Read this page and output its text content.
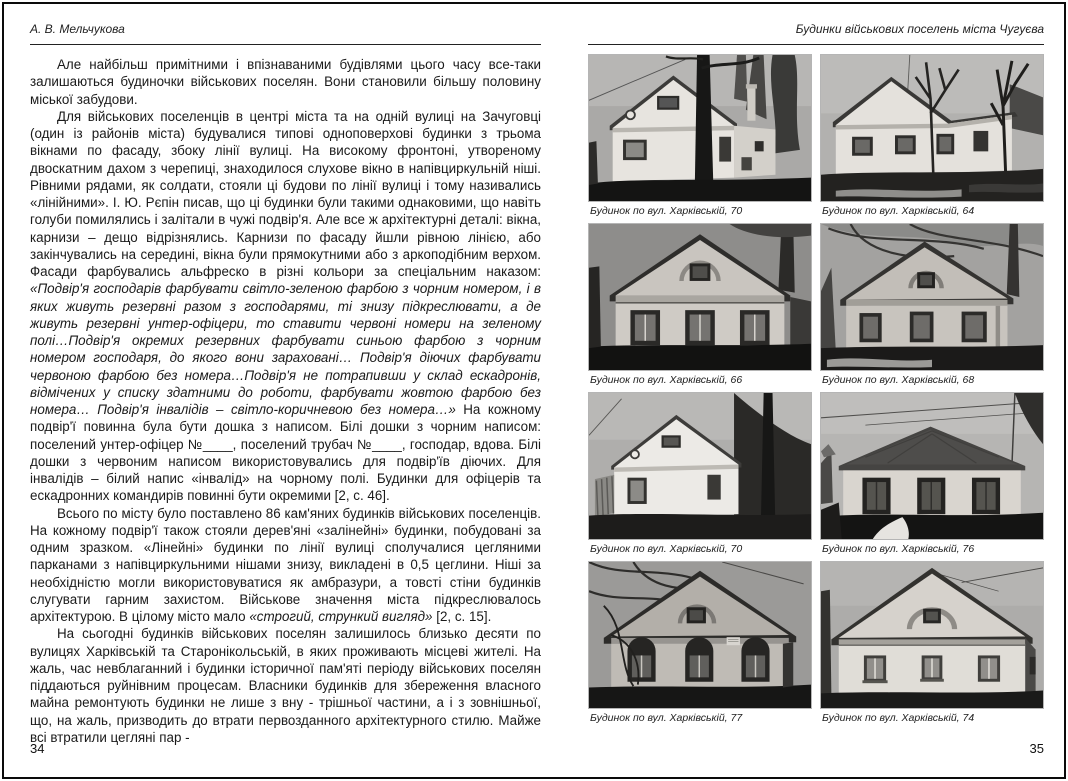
А. В. Мельчукова

Але найбільш примітними і впізнаваними будівлями цього часу все-таки залишаються будиночки військових поселян. Вони становили більшу половину міської забудови.

Для військових поселенців в центрі міста та на одній вулиці на Зачуговці (один із районів міста) будувалися типові одноповерхові будинки з трьома вікнами по фасаду, збоку лінії вулиці. На високому фронтоні, утвореному двоскатним дахом з черепиці, знаходилося слухове вікно в напівциркульній ніші. Рівними рядами, як солдати, стояли ці будови по лінії вулиці і тому називались «лінійними». І. Ю. Рєпін писав, що ці будинки були такими однаковими, що навіть голуби помилялись і залітали в чужі подвір'я. Але все ж архітектурні деталі: вікна, карнизи – дещо відрізнялись. Карнизи по фасаду йшли рівною лінією, або закінчувались на середині, вікна були прямокутними або з аркоподібним верхом. Фасади фарбувались альфреско в різні кольори за спеціальним наказом: «Подвір'я господарів фарбувати світло-зеленою фарбою з чорним номером, і в яких живуть резервні разом з господарями, ті знизу підкреслювати, а де живуть резервні унтер-офіцери, то ставити червоні номери на зеленому полі…Подвір'я окремих резервних фарбувати синьою фарбою з чорним номером господаря, до якого вони зараховані… Подвір'я діючих фарбувати червоною фарбою без номера…Подвір'я не потрапивши у склад ескадронів, відмічених у списку здатними до роботи, фарбувати жовтою фарбою без номера… Подвір'я інвалідів – світло-коричневою без номера…» На кожному подвір'ї повинна була бути дошка з написом. Білі дошки з чорним написом: поселений унтер-офіцер №____, поселений трубач №____, господар, вдова. Білі дошки з червоним написом використовувались для подвір'їв діючих. Для інвалідів – білий напис «інвалід» на чорному полі. Будинки для офіцерів та ескадронних командирів повинні бути окремими [2, с. 46].

Всього по місту було поставлено 86 кам'яних будинків військових поселенців. На кожному подвір'ї також стояли дерев'яні «залінейні» будинки, побудовані за одним зразком. «Лінейні» будинки по лінії вулиці сполучалися цегляними парканами з напівциркульними нішами знизу, викладені в 0,5 цеглини. Ніші за необхідністю могли використовуватися як амбразури, а товсті стіни будинків слугувати гарним захистом. Військове значення міста підкреслювалось архітектурою. В цілому місто мало «строгий, стрункий вигляд» [2, с. 15].

На сьогодні будинків військових поселян залишилось близько десяти по вулицях Харківській та Старонікольській, в яких проживають місцеві жителі. На жаль, час невблаганний і будинки історичної пам'яті періоду військових поселян піддаються руйнівним процесам. Власники будинків для збереження власного майна ремонтують будинки не лише з вну - трішньої частини, а і з зовнішньої, що, на жаль, призводить до втрати первозданного архітектурного стилю. Майже всі втратили цегляні пар -

34
Будинки військових поселень міста Чугуєва
Будинок по вул. Харківській, 70	Будинок по вул. Харківській, 64
Будинок по вул. Харківській, 66	Будинок по вул. Харківській, 68
Будинок по вул. Харківській, 70	Будинок по вул. Харківській, 76
Будинок по вул. Харківській, 77	Будинок по вул. Харківській, 74
35
